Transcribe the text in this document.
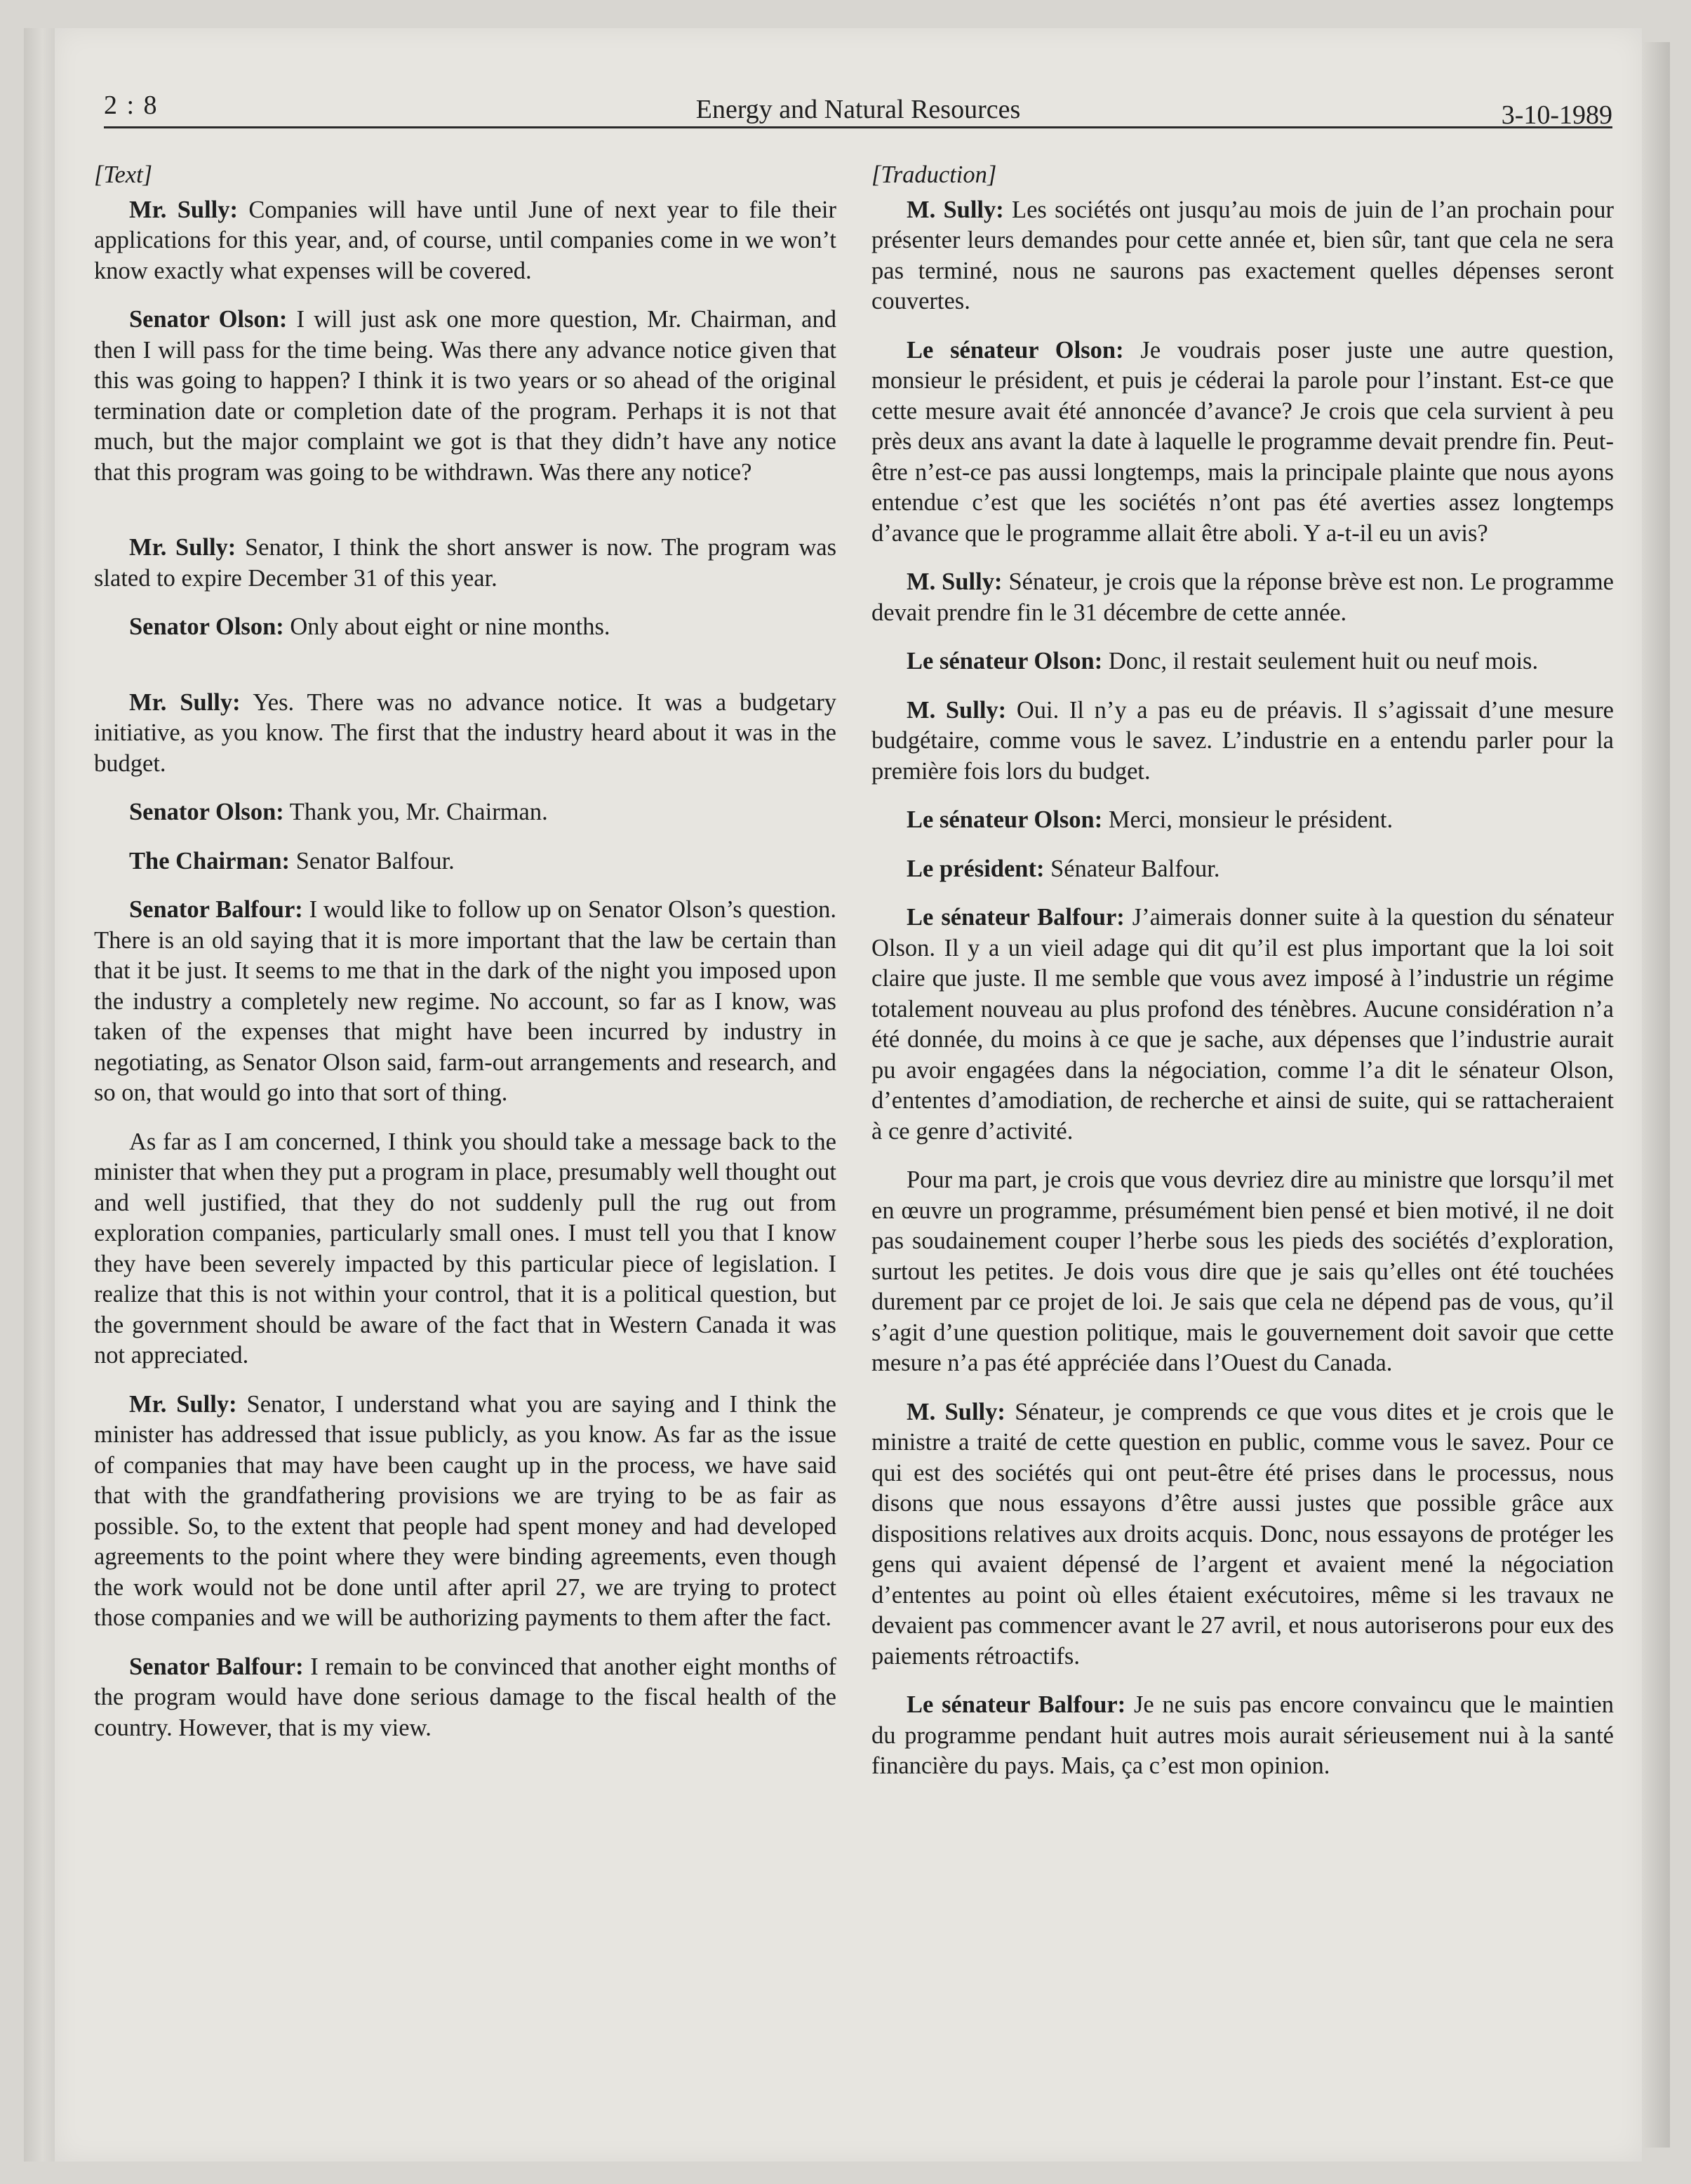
2 : 8	Energy and Natural Resources	3-10-1989
[Text]

Mr. Sully: Companies will have until June of next year to file their applications for this year, and, of course, until companies come in we won’t know exactly what expenses will be covered.

Senator Olson: I will just ask one more question, Mr. Chairman, and then I will pass for the time being. Was there any advance notice given that this was going to happen? I think it is two years or so ahead of the original termination date or completion date of the program. Perhaps it is not that much, but the major complaint we got is that they didn’t have any notice that this program was going to be withdrawn. Was there any notice?

Mr. Sully: Senator, I think the short answer is now. The program was slated to expire December 31 of this year.

Senator Olson: Only about eight or nine months.

Mr. Sully: Yes. There was no advance notice. It was a budgetary initiative, as you know. The first that the industry heard about it was in the budget.

Senator Olson: Thank you, Mr. Chairman.

The Chairman: Senator Balfour.

Senator Balfour: I would like to follow up on Senator Olson’s question. There is an old saying that it is more important that the law be certain than that it be just. It seems to me that in the dark of the night you imposed upon the industry a completely new regime. No account, so far as I know, was taken of the expenses that might have been incurred by industry in negotiating, as Senator Olson said, farm-out arrangements and research, and so on, that would go into that sort of thing.

As far as I am concerned, I think you should take a message back to the minister that when they put a program in place, presumably well thought out and well justified, that they do not suddenly pull the rug out from exploration companies, particularly small ones. I must tell you that I know they have been severely impacted by this particular piece of legislation. I realize that this is not within your control, that it is a political question, but the government should be aware of the fact that in Western Canada it was not appreciated.

Mr. Sully: Senator, I understand what you are saying and I think the minister has addressed that issue publicly, as you know. As far as the issue of companies that may have been caught up in the process, we have said that with the grandfathering provisions we are trying to be as fair as possible. So, to the extent that people had spent money and had developed agreements to the point where they were binding agreements, even though the work would not be done until after april 27, we are trying to protect those companies and we will be authorizing payments to them after the fact.

Senator Balfour: I remain to be convinced that another eight months of the program would have done serious damage to the fiscal health of the country. However, that is my view.

[Traduction]

M. Sully: Les sociétés ont jusqu’au mois de juin de l’an prochain pour présenter leurs demandes pour cette année et, bien sûr, tant que cela ne sera pas terminé, nous ne saurons pas exactement quelles dépenses seront couvertes.

Le sénateur Olson: Je voudrais poser juste une autre question, monsieur le président, et puis je céderai la parole pour l’instant. Est-ce que cette mesure avait été annoncée d’avance? Je crois que cela survient à peu près deux ans avant la date à laquelle le programme devait prendre fin. Peut-être n’est-ce pas aussi longtemps, mais la principale plainte que nous ayons entendue c’est que les sociétés n’ont pas été averties assez longtemps d’avance que le programme allait être aboli. Y a-t-il eu un avis?

M. Sully: Sénateur, je crois que la réponse brève est non. Le programme devait prendre fin le 31 décembre de cette année.

Le sénateur Olson: Donc, il restait seulement huit ou neuf mois.

M. Sully: Oui. Il n’y a pas eu de préavis. Il s’agissait d’une mesure budgétaire, comme vous le savez. L’industrie en a entendu parler pour la première fois lors du budget.

Le sénateur Olson: Merci, monsieur le président.

Le président: Sénateur Balfour.

Le sénateur Balfour: J’aimerais donner suite à la question du sénateur Olson. Il y a un vieil adage qui dit qu’il est plus important que la loi soit claire que juste. Il me semble que vous avez imposé à l’industrie un régime totalement nouveau au plus profond des ténèbres. Aucune considération n’a été donnée, du moins à ce que je sache, aux dépenses que l’industrie aurait pu avoir engagées dans la négociation, comme l’a dit le sénateur Olson, d’ententes d’amodiation, de recherche et ainsi de suite, qui se rattacheraient à ce genre d’activité.

Pour ma part, je crois que vous devriez dire au ministre que lorsqu’il met en œuvre un programme, présumément bien pensé et bien motivé, il ne doit pas soudainement couper l’herbe sous les pieds des sociétés d’exploration, surtout les petites. Je dois vous dire que je sais qu’elles ont été touchées durement par ce projet de loi. Je sais que cela ne dépend pas de vous, qu’il s’agit d’une question politique, mais le gouvernement doit savoir que cette mesure n’a pas été appréciée dans l’Ouest du Canada.

M. Sully: Sénateur, je comprends ce que vous dites et je crois que le ministre a traité de cette question en public, comme vous le savez. Pour ce qui est des sociétés qui ont peut-être été prises dans le processus, nous disons que nous essayons d’être aussi justes que possible grâce aux dispositions relatives aux droits acquis. Donc, nous essayons de protéger les gens qui avaient dépensé de l’argent et avaient mené la négociation d’ententes au point où elles étaient exécutoires, même si les travaux ne devaient pas commencer avant le 27 avril, et nous autoriserons pour eux des paiements rétroactifs.

Le sénateur Balfour: Je ne suis pas encore convaincu que le maintien du programme pendant huit autres mois aurait sérieusement nui à la santé financière du pays. Mais, ça c’est mon opinion.
